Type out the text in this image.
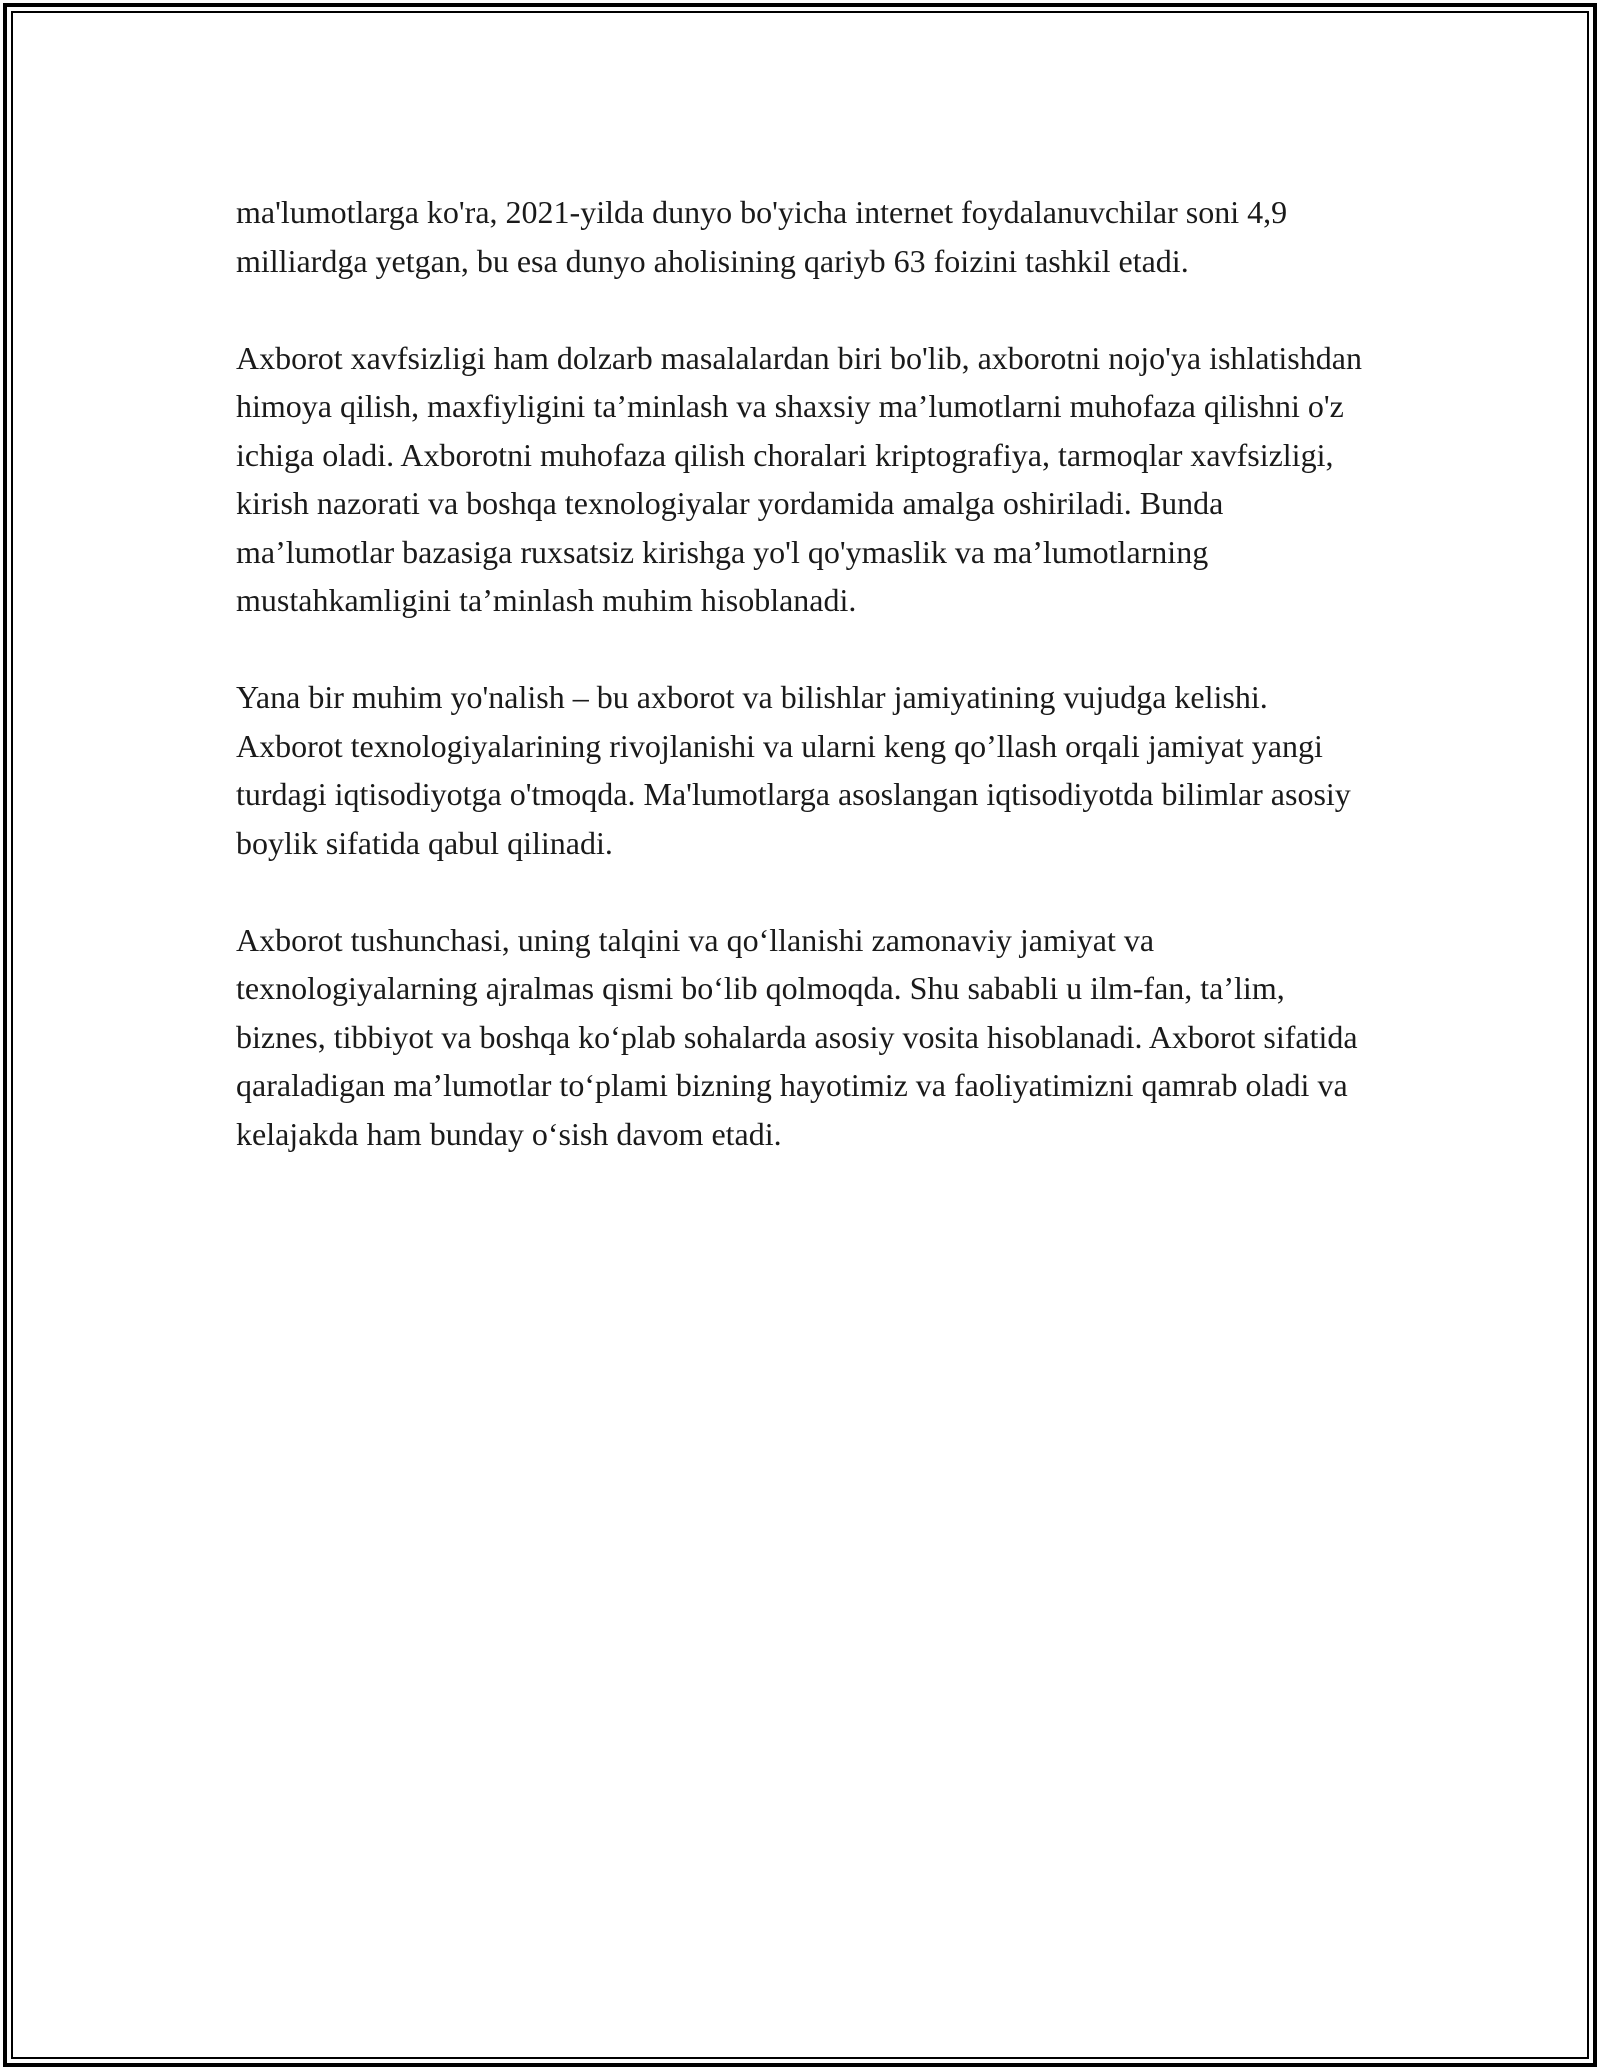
ma'lumotlarga ko'ra, 2021-yilda dunyo bo'yicha internet foydalanuvchilar soni 4,9 milliardga yetgan, bu esa dunyo aholisining qariyb 63 foizini tashkil etadi.

Axborot xavfsizligi ham dolzarb masalalardan biri bo'lib, axborotni nojo'ya ishlatishdan himoya qilish, maxfiyligini ta’minlash va shaxsiy ma’lumotlarni muhofaza qilishni o'z ichiga oladi. Axborotni muhofaza qilish choralari kriptografiya, tarmoqlar xavfsizligi, kirish nazorati va boshqa texnologiyalar yordamida amalga oshiriladi. Bunda ma’lumotlar bazasiga ruxsatsiz kirishga yo'l qo'ymaslik va ma’lumotlarning mustahkamligini ta’minlash muhim hisoblanadi.

Yana bir muhim yo'nalish – bu axborot va bilishlar jamiyatining vujudga kelishi. Axborot texnologiyalarining rivojlanishi va ularni keng qo’llash orqali jamiyat yangi turdagi iqtisodiyotga o'tmoqda. Ma'lumotlarga asoslangan iqtisodiyotda bilimlar asosiy boylik sifatida qabul qilinadi.

Axborot tushunchasi, uning talqini va qo‘llanishi zamonaviy jamiyat va texnologiyalarning ajralmas qismi bo‘lib qolmoqda. Shu sababli u ilm-fan, ta’lim, biznes, tibbiyot va boshqa ko‘plab sohalarda asosiy vosita hisoblanadi. Axborot sifatida qaraladigan ma’lumotlar to‘plami bizning hayotimiz va faoliyatimizni qamrab oladi va kelajakda ham bunday o‘sish davom etadi.
